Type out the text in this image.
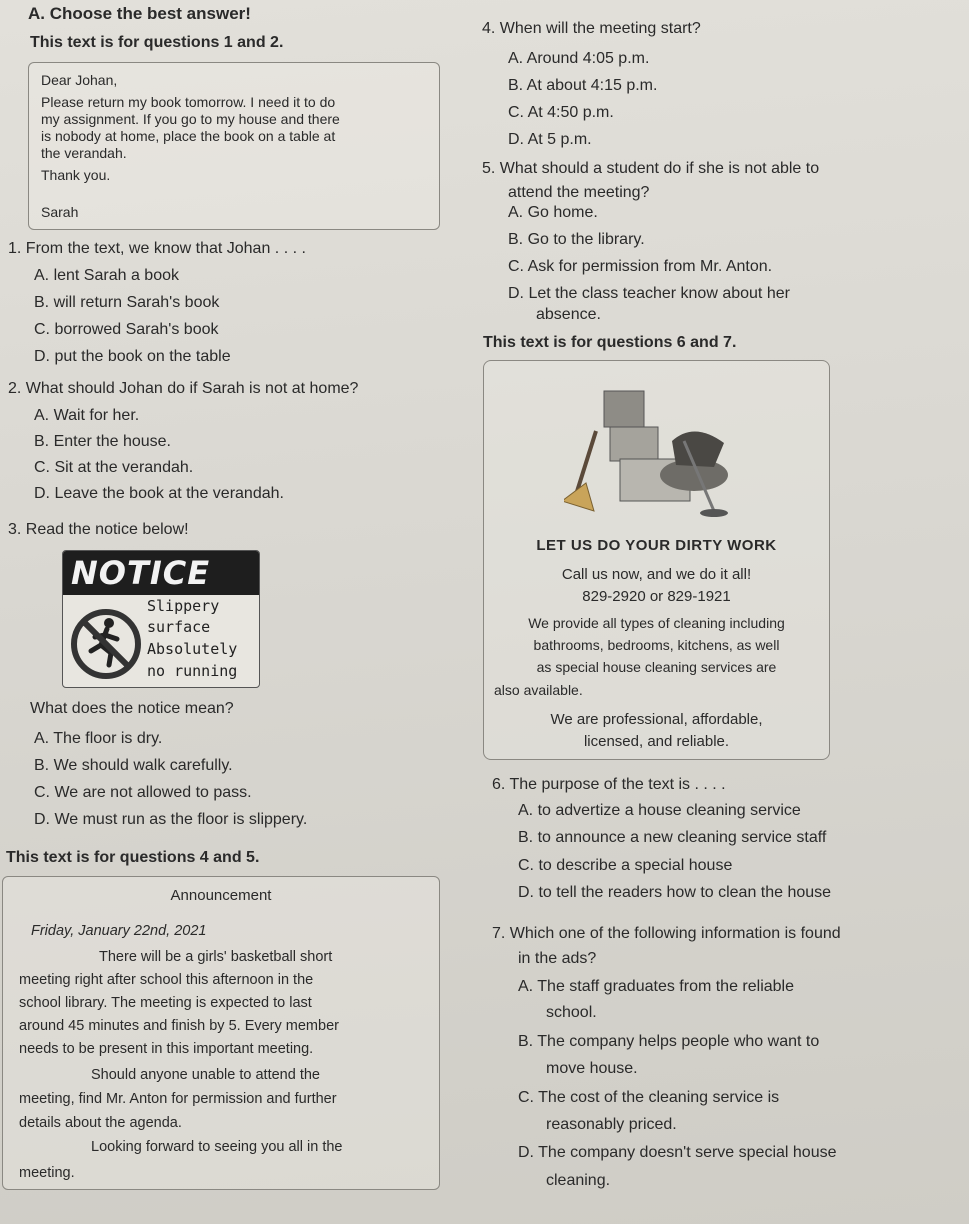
A. Choose the best answer!
This text is for questions 1 and 2.
Dear Johan,
Please return my book tomorrow. I need it to do
my assignment. If you go to my house and there
is nobody at home, place the book on a table at
the verandah.
Thank you.
Sarah
1. From the text, we know that Johan . . . .
A. lent Sarah a book
B. will return Sarah's book
C. borrowed Sarah's book
D. put the book on the table
2. What should Johan do if Sarah is not at home?
A. Wait for her.
B. Enter the house.
C. Sit at the verandah.
D. Leave the book at the verandah.
3. Read the notice below!
NOTICE
Slippery
surface
Absolutely
no running
What does the notice mean?
A. The floor is dry.
B. We should walk carefully.
C. We are not allowed to pass.
D. We must run as the floor is slippery.
This text is for questions 4 and 5.
Announcement
Friday, January 22nd, 2021
There will be a girls' basketball short
meeting right after school this afternoon in the
school library. The meeting is expected to last
around 45 minutes and finish by 5. Every member
needs to be present in this important meeting.
Should anyone unable to attend the
meeting, find Mr. Anton for permission and further
details about the agenda.
Looking forward to seeing you all in the
meeting.
4. When will the meeting start?
A. Around 4:05 p.m.
B. At about 4:15 p.m.
C. At 4:50 p.m.
D. At 5 p.m.
5. What should a student do if she is not able to
attend the meeting?
A. Go home.
B. Go to the library.
C. Ask for permission from Mr. Anton.
D. Let the class teacher know about her
absence.
This text is for questions 6 and 7.
LET US DO YOUR DIRTY WORK
Call us now, and we do it all!
829-2920 or 829-1921
We provide all types of cleaning including
bathrooms, bedrooms, kitchens, as well
as special house cleaning services are
also available.
We are professional, affordable,
licensed, and reliable.
6. The purpose of the text is . . . .
A. to advertize a house cleaning service
B. to announce a new cleaning service staff
C. to describe a special house
D. to tell the readers how to clean the house
7. Which one of the following information is found
in the ads?
A. The staff graduates from the reliable
school.
B. The company helps people who want to
move house.
C. The cost of the cleaning service is
reasonably priced.
D. The company doesn't serve special house
cleaning.
